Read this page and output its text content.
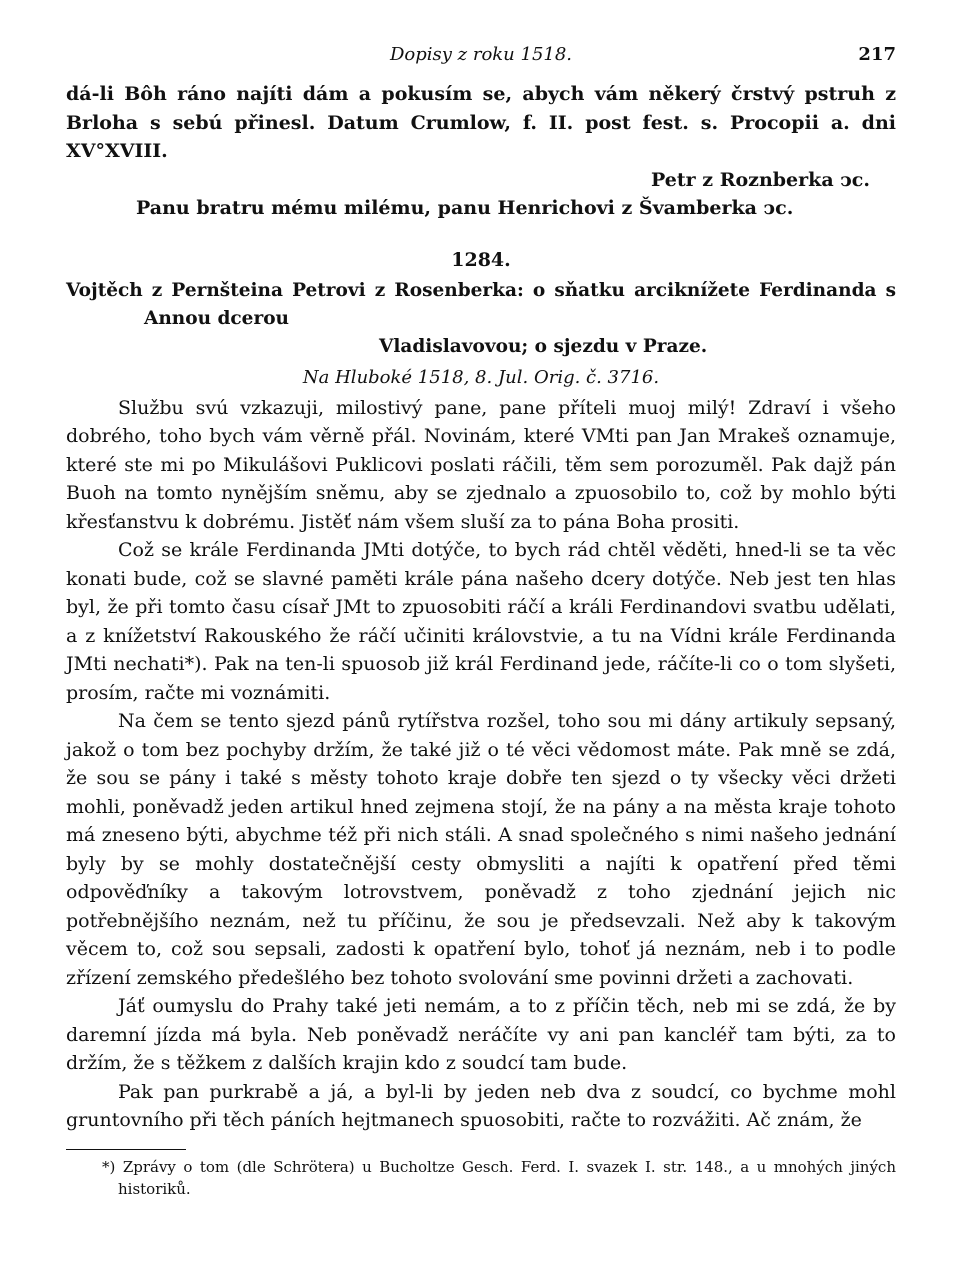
Dopisy z roku 1518.	217

dá-li Bôh ráno najíti dám a pokusím se, abych vám někerý črstvý pstruh z Brloha s sebú přinesl. Datum Crumlow, f. II. post fest. s. Procopii a. dni XV°XVIII.

Petr z Roznberka ↄc.

Panu bratru mému milému, panu Henrichovi z Švamberka ↄc.

1284.

Vojtěch z Pernšteina Petrovi z Rosenberka: o sňatku arciknížete Ferdinanda s Annou dcerou
Vladislavovou; o sjezdu v Praze.

Na Hluboké 1518, 8. Jul. Orig. č. 3716.

Službu svú vzkazuji, milostivý pane, pane příteli muoj milý! Zdraví i všeho dobrého, toho bych vám věrně přál. Novinám, které VMti pan Jan Mrakeš oznamuje, které ste mi po Mikulášovi Puklicovi poslati ráčili, těm sem porozuměl. Pak dajž pán Buoh na tomto nynějším sněmu, aby se zjednalo a zpuosobilo to, což by mohlo býti křesťanstvu k dobrému. Jistěť nám všem sluší za to pána Boha prositi.

Což se krále Ferdinanda JMti dotýče, to bych rád chtěl věděti, hned-li se ta věc konati bude, což se slavné paměti krále pána našeho dcery dotýče. Neb jest ten hlas byl, že při tomto času císař JMt to zpuosobiti ráčí a králi Ferdinandovi svatbu udělati, a z knížetství Rakouského že ráčí učiniti královstvie, a tu na Vídni krále Ferdinanda JMti nechati*). Pak na ten-li spuosob již král Ferdinand jede, ráčíte-li co o tom slyšeti, prosím, račte mi voznámiti.

Na čem se tento sjezd pánů rytířstva rozšel, toho sou mi dány artikuly sepsaný, jakož o tom bez pochyby držím, že také již o té věci vědomost máte. Pak mně se zdá, že sou se pány i také s městy tohoto kraje dobře ten sjezd o ty všecky věci držeti mohli, poněvadž jeden artikul hned zejmena stojí, že na pány a na města kraje tohoto má zneseno býti, abychme též při nich stáli. A snad společného s nimi našeho jednání byly by se mohly dostatečnější cesty obmysliti a najíti k opatření před těmi odpověďníky a takovým lotrovstvem, poněvadž z toho zjednání jejich nic potřebnějšího neznám, než tu příčinu, že sou je předsevzali. Než aby k takovým věcem to, což sou sepsali, zadosti k opatření bylo, tohoť já neznám, neb i to podle zřízení zemského předešlého bez tohoto svolování sme povinni držeti a zachovati.

Jáť oumyslu do Prahy také jeti nemám, a to z příčin těch, neb mi se zdá, že by daremní jízda má byla. Neb poněvadž neráčíte vy ani pan kancléř tam býti, za to držím, že s těžkem z dalších krajin kdo z soudcí tam bude.

Pak pan purkrabě a já, a byl-li by jeden neb dva z soudcí, co bychme mohl gruntovního při těch páních hejtmanech spuosobiti, račte to rozvážiti. Ač znám, že

*) Zprávy o tom (dle Schrötera) u Bucholtze Gesch. Ferd. I. svazek I. str. 148., a u mnohých jiných historiků.
